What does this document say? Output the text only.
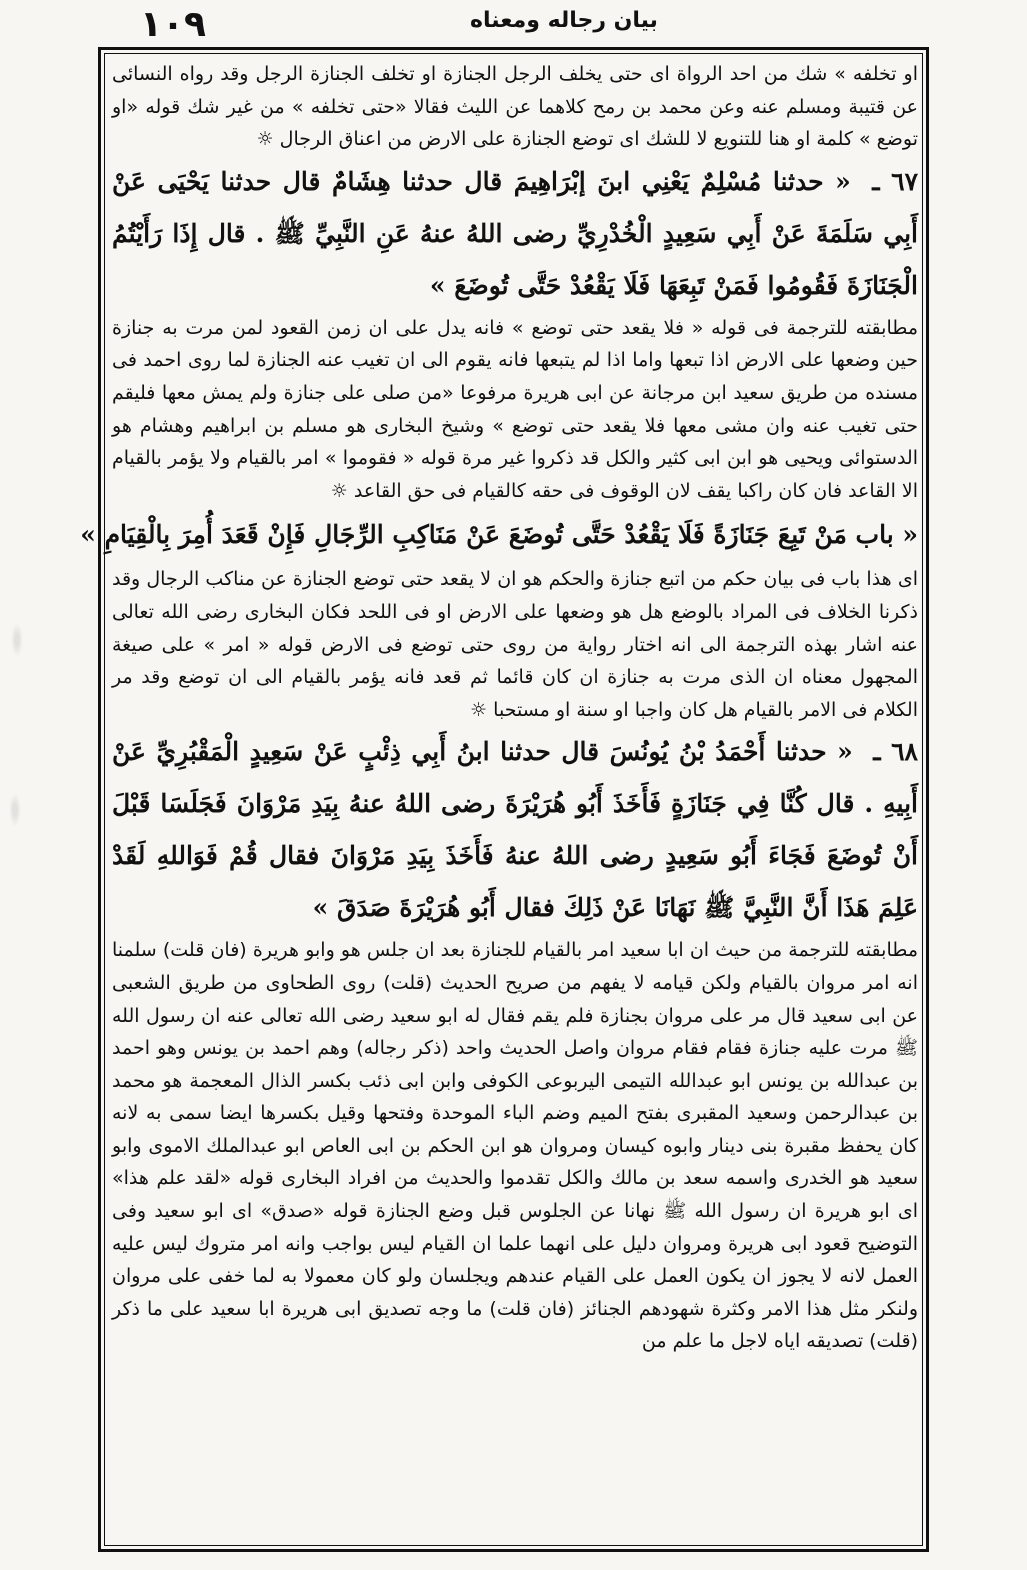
١٠٩	بيان رجاله ومعناه

او تخلفه » شك من احد الرواة اى حتى يخلف الرجل الجنازة او تخلف الجنازة الرجل وقد رواه النسائى عن قتيبة ومسلم عنه وعن محمد بن رمح كلاهما عن الليث فقالا «حتى تخلفه » من غير شك قوله «او توضع » كلمة او هنا للتنويع لا للشك اى توضع الجنازة على الارض من اعناق الرجال ☼

٦٧ ـ « حدثنا مُسْلِمٌ يَعْنِي ابنَ إبْرَاهِيمَ قال حدثنا هِشَامٌ قال حدثنا يَحْيَى عَنْ أَبِي سَلَمَةَ عَنْ أَبِي سَعِيدٍ الْخُدْرِيِّ رضى اللهُ عنهُ عَنِ النَّبِيِّ ﷺ . قال إِذَا رَأَيْتُمُ الْجَنَازَةَ فَقُومُوا فَمَنْ تَبِعَهَا فَلَا يَقْعُدْ حَتَّى تُوضَعَ »

مطابقته للترجمة فى قوله « فلا يقعد حتى توضع » فانه يدل على ان زمن القعود لمن مرت به جنازة حين وضعها على الارض اذا تبعها واما اذا لم يتبعها فانه يقوم الى ان تغيب عنه الجنازة لما روى احمد فى مسنده من طريق سعيد ابن مرجانة عن ابى هريرة مرفوعا «من صلى على جنازة ولم يمش معها فليقم حتى تغيب عنه وان مشى معها فلا يقعد حتى توضع » وشيخ البخارى هو مسلم بن ابراهيم وهشام هو الدستوائى ويحيى هو ابن ابى كثير والكل قد ذكروا غير مرة قوله « فقوموا » امر بالقيام ولا يؤمر بالقيام الا القاعد فان كان راكبا يقف لان الوقوف فى حقه كالقيام فى حق القاعد ☼

« باب مَنْ تَبِعَ جَنَازَةً فَلَا يَقْعُدْ حَتَّى تُوضَعَ عَنْ مَنَاكِبِ الرِّجَالِ فَإِنْ قَعَدَ أُمِرَ بِالْقِيَامِ »

اى هذا باب فى بيان حكم من اتبع جنازة والحكم هو ان لا يقعد حتى توضع الجنازة عن مناكب الرجال وقد ذكرنا الخلاف فى المراد بالوضع هل هو وضعها على الارض او فى اللحد فكان البخارى رضى الله تعالى عنه اشار بهذه الترجمة الى انه اختار رواية من روى حتى توضع فى الارض قوله « امر » على صيغة المجهول معناه ان الذى مرت به جنازة ان كان قائما ثم قعد فانه يؤمر بالقيام الى ان توضع وقد مر الكلام فى الامر بالقيام هل كان واجبا او سنة او مستحبا ☼

٦٨ ـ « حدثنا أَحْمَدُ بْنُ يُونُسَ قال حدثنا ابنُ أَبِي ذِئْبٍ عَنْ سَعِيدٍ الْمَقْبُرِيِّ عَنْ أَبِيهِ . قال كُنَّا فِي جَنَازَةٍ فَأَخَذَ أَبُو هُرَيْرَةَ رضى اللهُ عنهُ بِيَدِ مَرْوَانَ فَجَلَسَا قَبْلَ أَنْ تُوضَعَ فَجَاءَ أَبُو سَعِيدٍ رضى اللهُ عنهُ فَأَخَذَ بِيَدِ مَرْوَانَ فقال قُمْ فَوَاللهِ لَقَدْ عَلِمَ هَذَا أَنَّ النَّبِيَّ ﷺ نَهَانَا عَنْ ذَلِكَ فقال أَبُو هُرَيْرَةَ صَدَقَ »

مطابقته للترجمة من حيث ان ابا سعيد امر بالقيام للجنازة بعد ان جلس هو وابو هريرة (فان قلت) سلمنا انه امر مروان بالقيام ولكن قيامه لا يفهم من صريح الحديث (قلت) روى الطحاوى من طريق الشعبى عن ابى سعيد قال مر على مروان بجنازة فلم يقم فقال له ابو سعيد رضى الله تعالى عنه ان رسول الله ﷺ مرت عليه جنازة فقام فقام مروان واصل الحديث واحد (ذكر رجاله) وهم احمد بن يونس وهو احمد بن عبدالله بن يونس ابو عبدالله التيمى اليربوعى الكوفى وابن ابى ذئب بكسر الذال المعجمة هو محمد بن عبدالرحمن وسعيد المقبرى بفتح الميم وضم الباء الموحدة وفتحها وقيل بكسرها ايضا سمى به لانه كان يحفظ مقبرة بنى دينار وابوه كيسان ومروان هو ابن الحكم بن ابى العاص ابو عبدالملك الاموى وابو سعيد هو الخدرى واسمه سعد بن مالك والكل تقدموا والحديث من افراد البخارى قوله «لقد علم هذا» اى ابو هريرة ان رسول الله ﷺ نهانا عن الجلوس قبل وضع الجنازة قوله «صدق» اى ابو سعيد وفى التوضيح قعود ابى هريرة ومروان دليل على انهما علما ان القيام ليس بواجب وانه امر متروك ليس عليه العمل لانه لا يجوز ان يكون العمل على القيام عندهم ويجلسان ولو كان معمولا به لما خفى على مروان ولنكر مثل هذا الامر وكثرة شهودهم الجنائز (فان قلت) ما وجه تصديق ابى هريرة ابا سعيد على ما ذكر (قلت) تصديقه اياه لاجل ما علم من
